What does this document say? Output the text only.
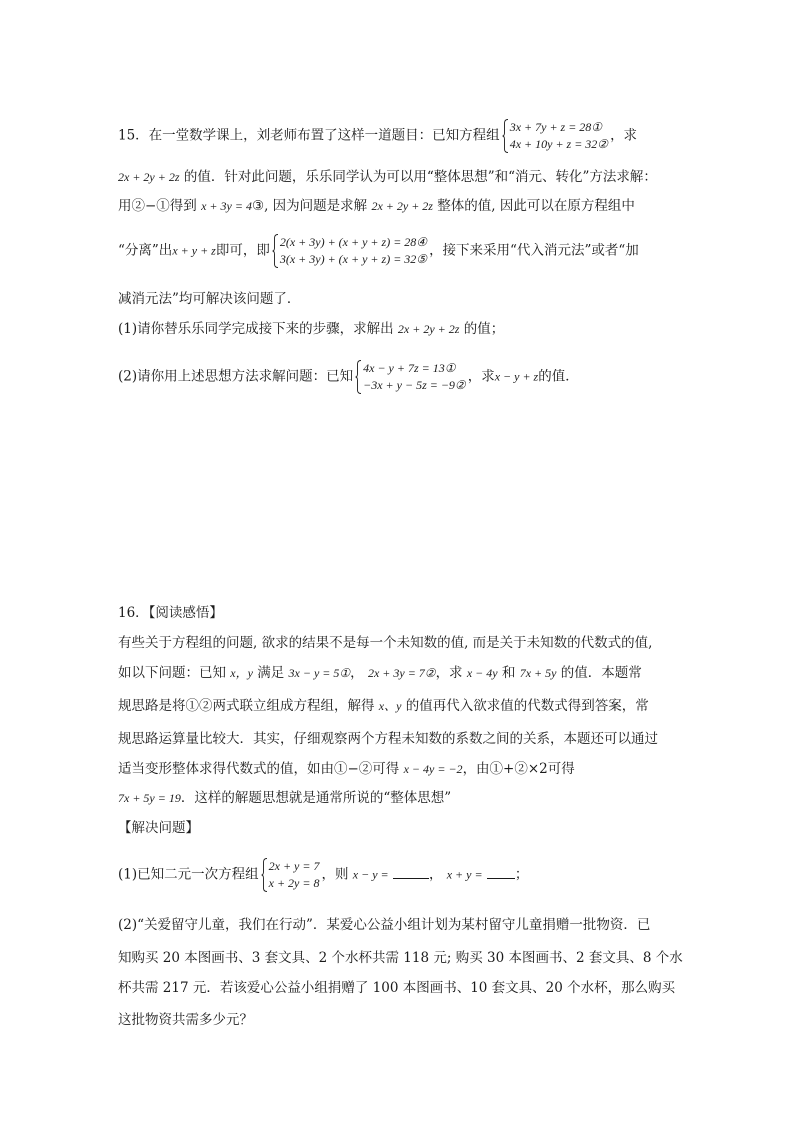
15．在一堂数学课上，刘老师布置了这样一道题目：已知方程组
3x + 7y + z = 28①
4x + 10y + z = 32②
，求
2x + 2y + 2z 的值．针对此问题，乐乐同学认为可以用“整体思想”和“消元、转化”方法求解：
用②−①得到 x + 3y = 4③, 因为问题是求解 2x + 2y + 2z 整体的值, 因此可以在原方程组中
“分离”出x + y + z即可，即
2(x + 3y) + (x + y + z) = 28④
3(x + 3y) + (x + y + z) = 32⑤
，接下来采用“代入消元法”或者“加
减消元法”均可解决该问题了．
(1)请你替乐乐同学完成接下来的步骤，求解出 2x + 2y + 2z 的值；
(2)请你用上述思想方法求解问题：已知
4x − y + 7z = 13①
−3x + y − 5z = −9②
，求x − y + z的值．
16．【阅读感悟】
有些关于方程组的问题, 欲求的结果不是每一个未知数的值, 而是关于未知数的代数式的值,
如以下问题：已知 x，y 满足 3x − y = 5①， 2x + 3y = 7②，求 x − 4y 和 7x + 5y 的值．本题常
规思路是将①②两式联立组成方程组，解得 x、y 的值再代入欲求值的代数式得到答案，常
规思路运算量比较大．其实，仔细观察两个方程未知数的系数之间的关系，本题还可以通过
适当变形整体求得代数式的值，如由①−②可得 x − 4y = −2，由①+②×2可得
7x + 5y = 19．这样的解题思想就是通常所说的“整体思想”
【解决问题】
(1)已知二元一次方程组
2x + y = 7
x + 2y = 8
，则 x − y =	， x + y = ；
(2)“关爱留守儿童，我们在行动”．某爱心公益小组计划为某村留守儿童捐赠一批物资．已
知购买 20 本图画书、3 套文具、2 个水杯共需 118 元; 购买 30 本图画书、2 套文具、8 个水
杯共需 217 元．若该爱心公益小组捐赠了 100 本图画书、10 套文具、20 个水杯，那么购买
这批物资共需多少元？
